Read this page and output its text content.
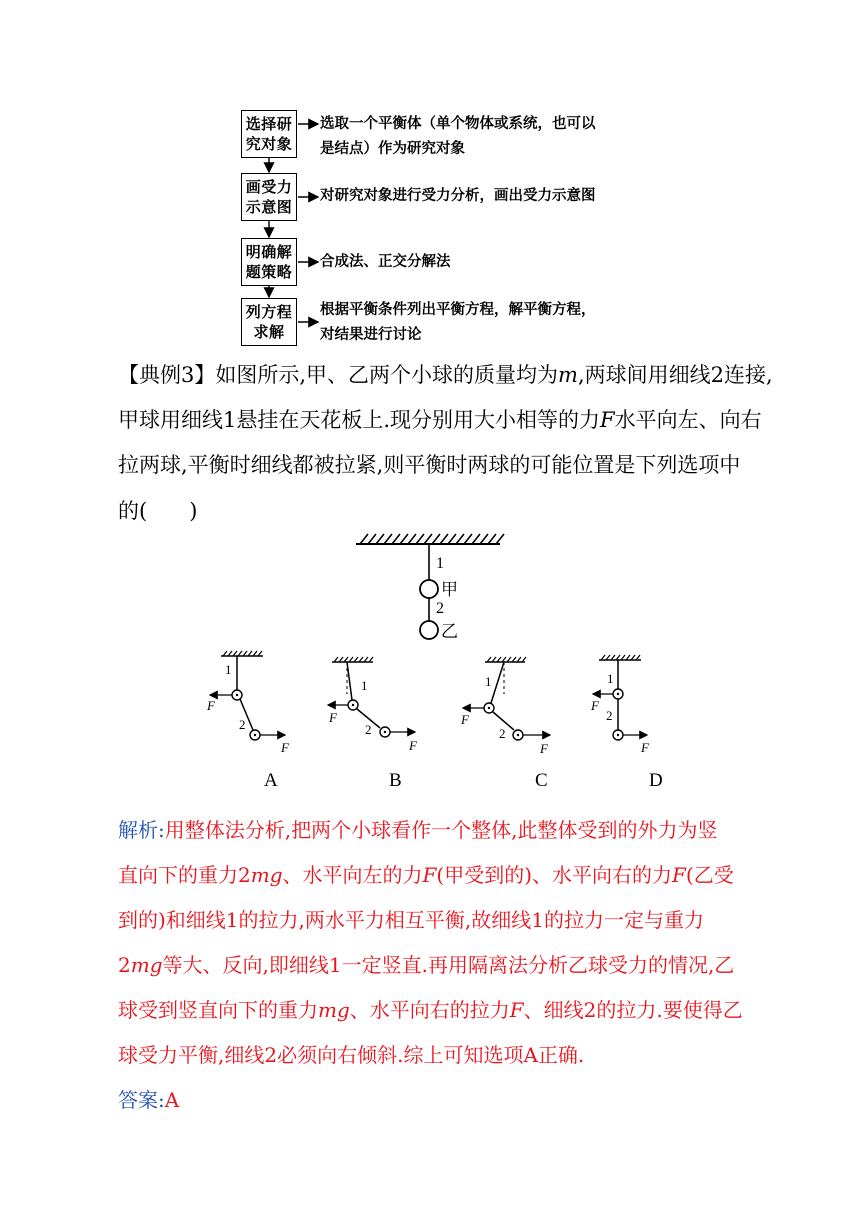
选择研
究对象
选取一个平衡体（单个物体或系统，也可以
是结点）作为研究对象
画受力
示意图
对研究对象进行受力分析，画出受力示意图
明确解
题策略
合成法、正交分解法
列方程
求解
根据平衡条件列出平衡方程，解平衡方程，
对结果进行讨论
【典例3】如图所示,甲、乙两个小球的质量均为m,两球间用细线2连接,
甲球用细线1悬挂在天花板上.现分别用大小相等的力F水平向左、向右
拉两球,平衡时细线都被拉紧,则平衡时两球的可能位置是下列选项中
的(　　)
1
2
甲
乙
1
2
F
F
1
2
F
F
1
2
F
F
1
2
F
F
A	B	C	D
解析:用整体法分析,把两个小球看作一个整体,此整体受到的外力为竖
直向下的重力2mg、水平向左的力F(甲受到的)、水平向右的力F(乙受
到的)和细线1的拉力,两水平力相互平衡,故细线1的拉力一定与重力
2mg等大、反向,即细线1一定竖直.再用隔离法分析乙球受力的情况,乙
球受到竖直向下的重力mg、水平向右的拉力F、细线2的拉力.要使得乙
球受力平衡,细线2必须向右倾斜.综上可知选项A正确.
答案:A
